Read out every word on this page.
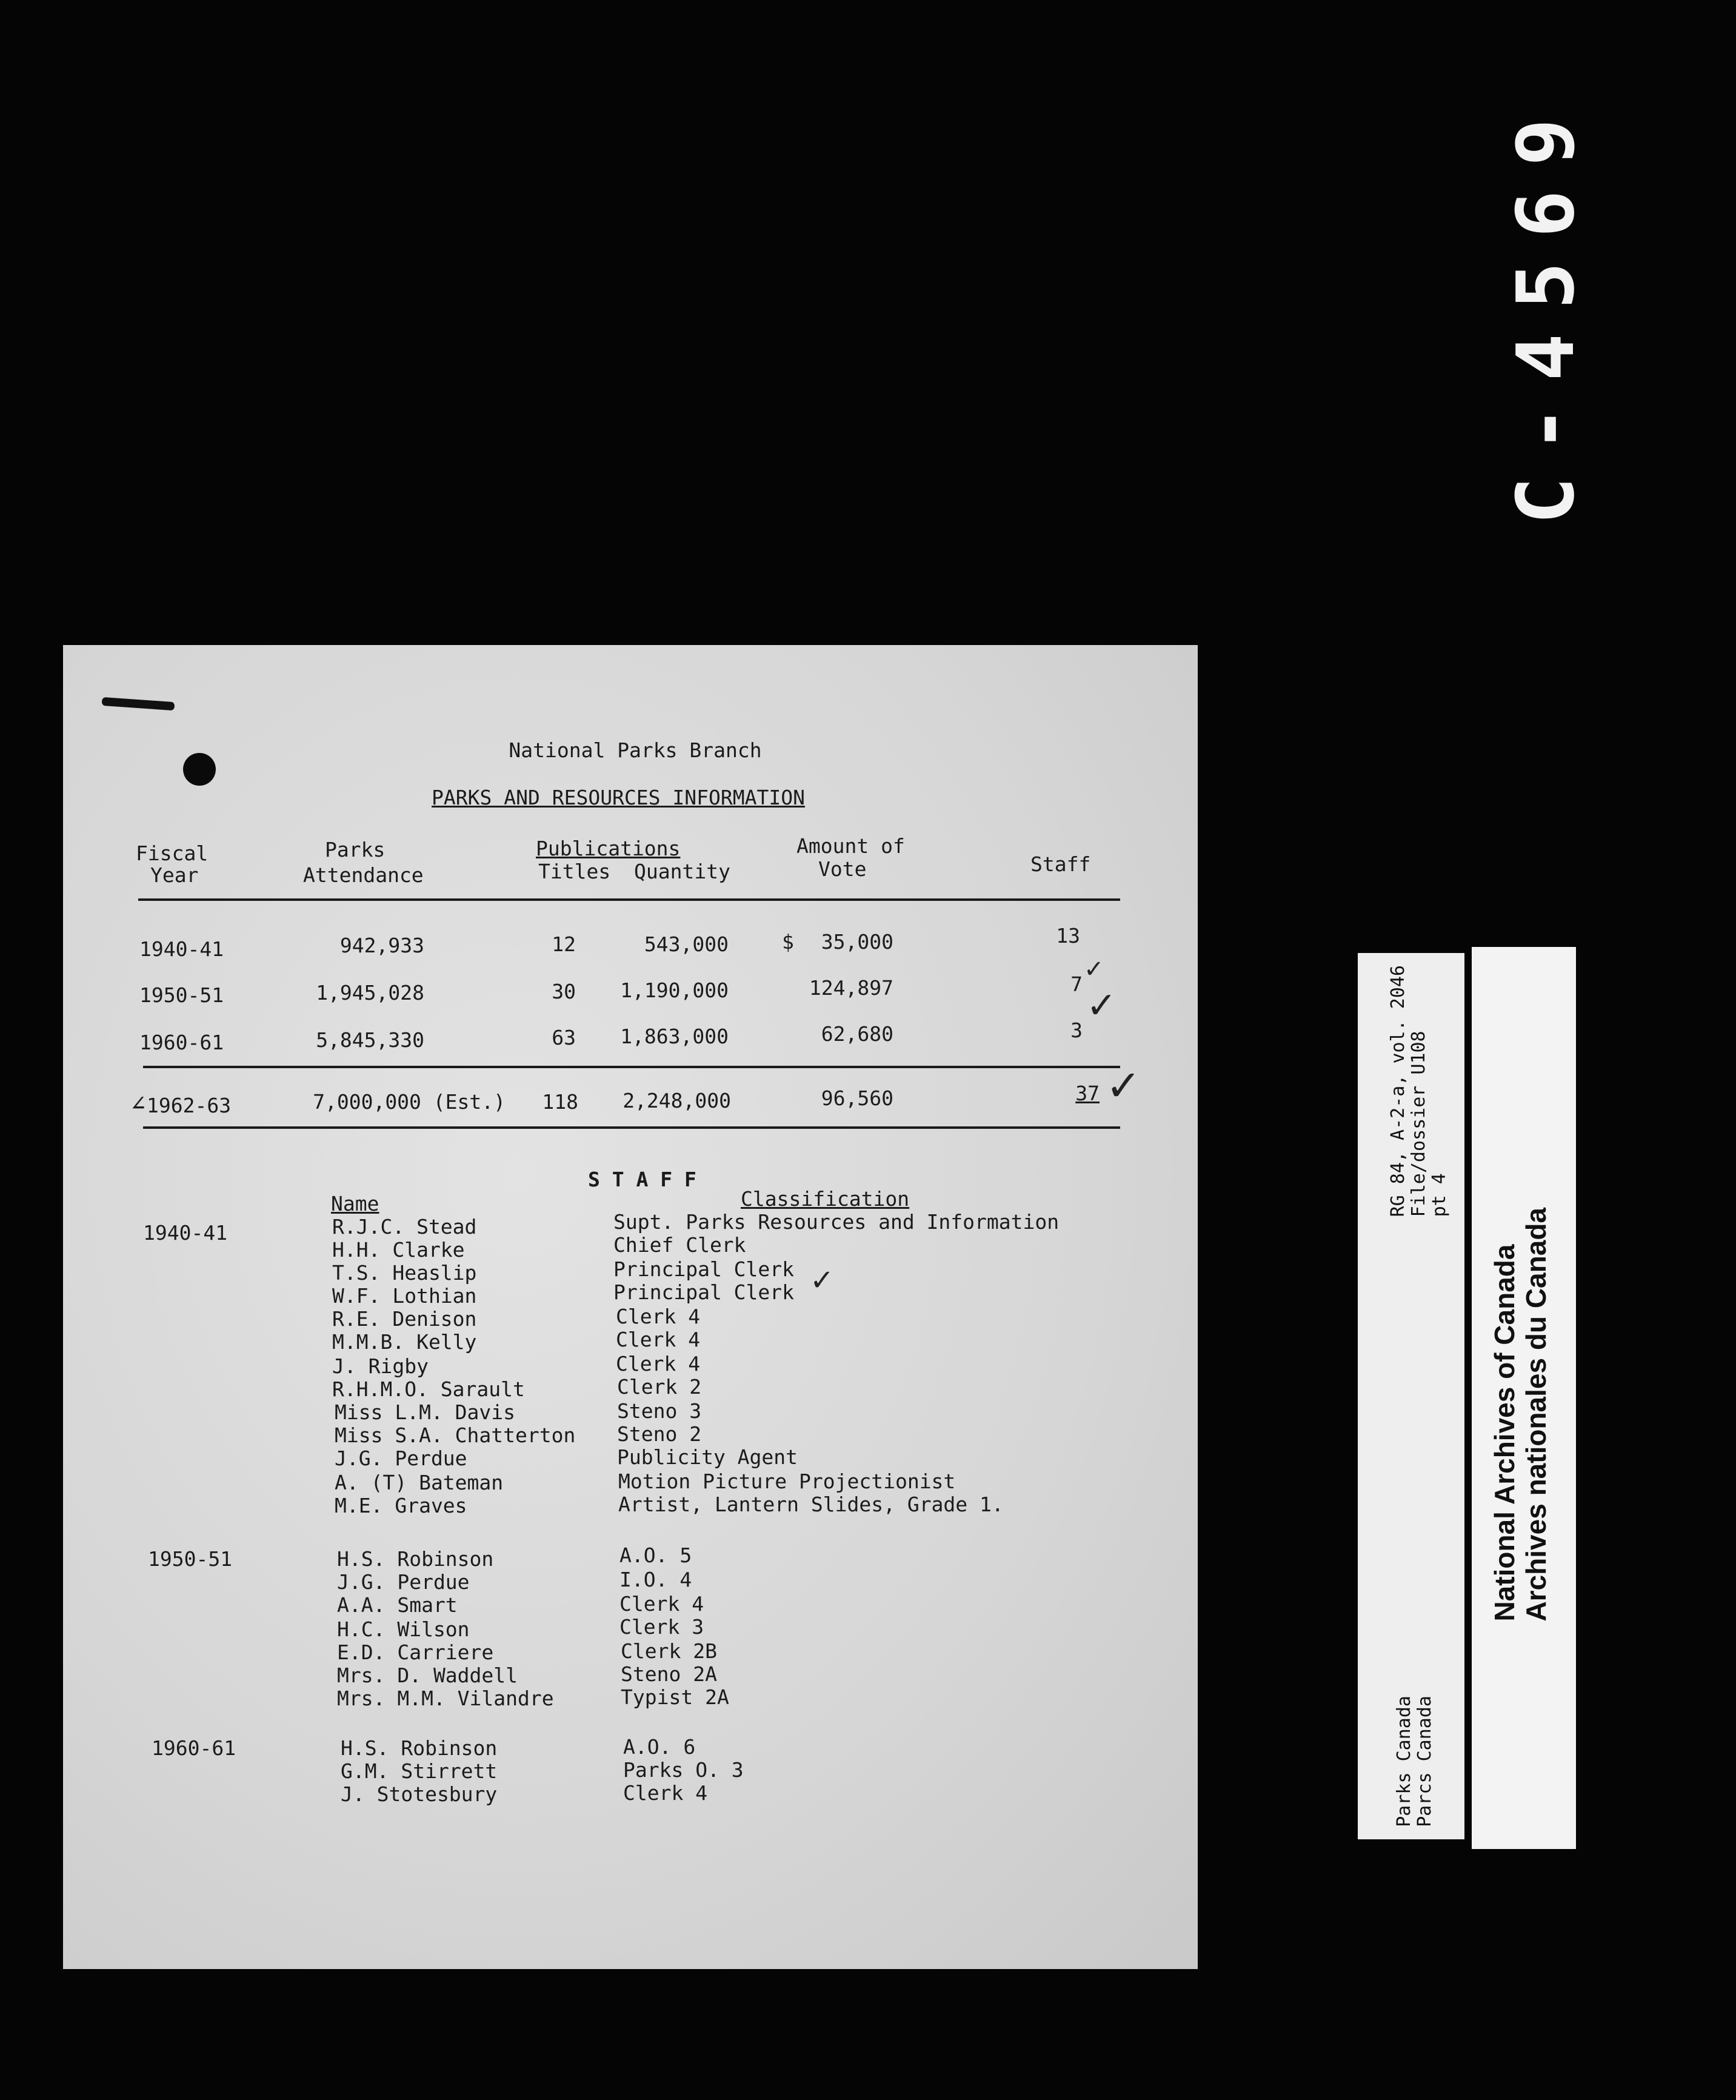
C-4569
National Parks Branch
PARKS AND RESOURCES INFORMATION
Fiscal
Year
Parks
Attendance
Publications
Titles Quantity
Amount of
Vote	Staff
1940-41	942,933	12	543,000	$ 35,000	13
1950-51	1,945,028	30 1,190,000	124,897	7
✓
1960-61	5,845,330	63 1,863,000	62,680	3
✓
∠ 1962-63	7,000,000 (Est.) 118 2,248,000	96,560	37 ✓
S T A F F
Name	Classification
1940-41	R.J.C. Stead	Supt. Parks Resources and Information
H.H. Clarke	Chief Clerk
T.S. Heaslip	Principal Clerk
W.F. Lothian	Principal Clerk ✓
R.E. Denison	Clerk 4
M.M.B. Kelly	Clerk 4
J. Rigby	Clerk 4
R.H.M.O. Sarault	Clerk 2
Miss L.M. Davis	Steno 3
Miss S.A. Chatterton Steno 2
J.G. Perdue	Publicity Agent
A. (T) Bateman	Motion Picture Projectionist
M.E. Graves	Artist, Lantern Slides, Grade 1.
1950-51	H.S. Robinson	A.O. 5
J.G. Perdue	I.O. 4
A.A. Smart	Clerk 4
H.C. Wilson	Clerk 3
E.D. Carriere	Clerk 2B
Mrs. D. Waddell	Steno 2A
Mrs. M.M. Vilandre	Typist 2A
1960-61	H.S. Robinson	A.O. 6
G.M. Stirrett	Parks O. 3
J. Stotesbury	Clerk 4
RG 84, A-2-a, vol. 2046
File/dossier U108
pt 4
Parks Canada
Parcs Canada
National Archives of Canada
Archives nationales du Canada
